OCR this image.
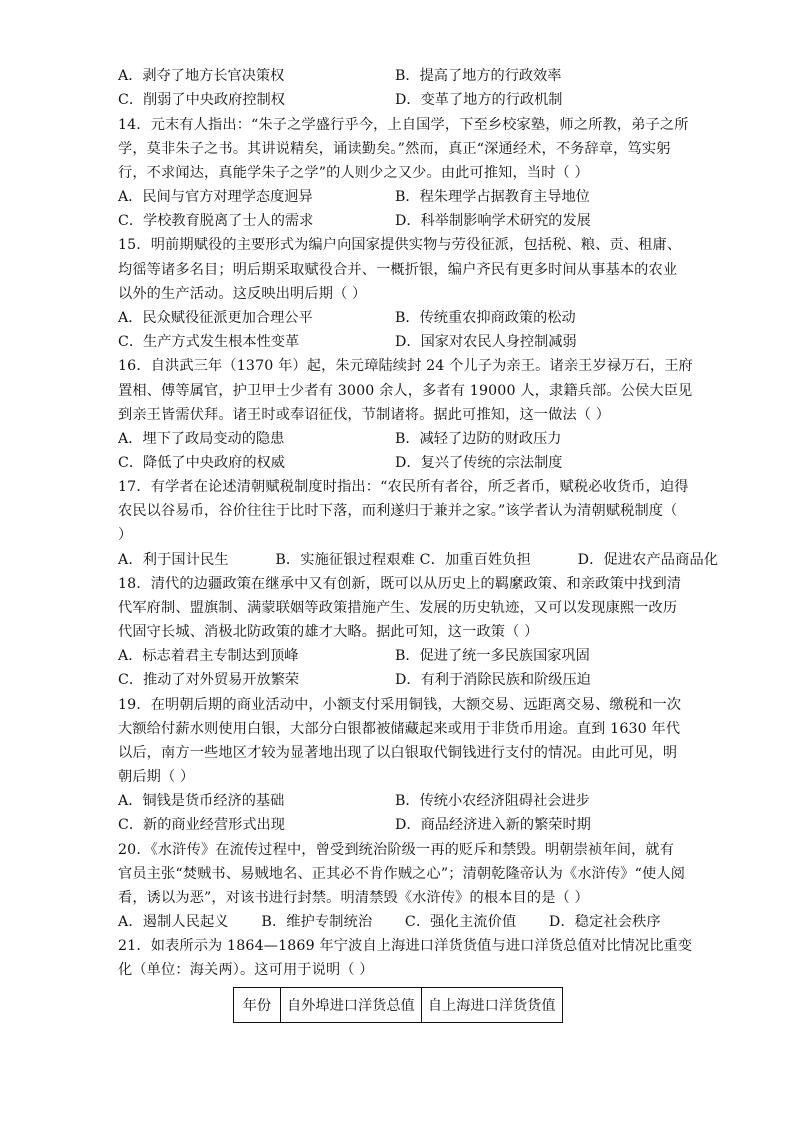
A．剥夺了地方长官决策权	B．提高了地方的行政效率
C．削弱了中央政府控制权	D．变革了地方的行政机制
14．元末有人指出：“朱子之学盛行乎今，上自国学，下至乡校家塾，师之所教，弟子之所
学，莫非朱子之书。其讲说精矣，诵读勤矣。”然而，真正“深通经术，不务辞章，笃实躬
行，不求闻达，真能学朱子之学”的人则少之又少。由此可推知，当时（ ）
A．民间与官方对理学态度迥异	B．程朱理学占据教育主导地位
C．学校教育脱离了士人的需求	D．科举制影响学术研究的发展
15．明前期赋役的主要形式为编户向国家提供实物与劳役征派，包括税、粮、贡、租庸、
均徭等诸多名目；明后期采取赋役合并、一概折银，编户齐民有更多时间从事基本的农业
以外的生产活动。这反映出明后期（ ）
A．民众赋役征派更加合理公平	B．传统重农抑商政策的松动
C．生产方式发生根本性变革	D．国家对农民人身控制减弱
16．自洪武三年（1370 年）起，朱元璋陆续封 24 个儿子为亲王。诸亲王岁禄万石，王府
置相、傅等属官，护卫甲士少者有 3000 余人，多者有 19000 人，隶籍兵部。公侯大臣见
到亲王皆需伏拜。诸王时或奉诏征伐，节制诸将。据此可推知，这一做法（ ）
A．埋下了政局变动的隐患	B．减轻了边防的财政压力
C．降低了中央政府的权威	D．复兴了传统的宗法制度
17．有学者在论述清朝赋税制度时指出：“农民所有者谷，所乏者币，赋税必收货币，迫得
农民以谷易币，谷价往往于比时下落，而利遂归于兼并之家。”该学者认为清朝赋税制度（
）
A．利于国计民生          B．实施征银过程艰难 C．加重百姓负担          D．促进农产品商品化
18．清代的边疆政策在继承中又有创新，既可以从历史上的羁縻政策、和亲政策中找到清
代军府制、盟旗制、满蒙联姻等政策措施产生、发展的历史轨迹，又可以发现康熙一改历
代固守长城、消极北防政策的雄才大略。据此可知，这一政策（ ）
A．标志着君主专制达到顶峰	B．促进了统一多民族国家巩固
C．推动了对外贸易开放繁荣	D．有利于消除民族和阶级压迫
19．在明朝后期的商业活动中，小额支付采用铜钱，大额交易、远距离交易、缴税和一次
大额给付薪水则使用白银，大部分白银都被储藏起来或用于非货币用途。直到 1630 年代
以后，南方一些地区才较为显著地出现了以白银取代铜钱进行支付的情况。由此可见，明
朝后期（ ）
A．铜钱是货币经济的基础	B．传统小农经济阻碍社会进步
C．新的商业经营形式出现	D．商品经济进入新的繁荣时期
20．《水浒传》在流传过程中，曾受到统治阶级一再的贬斥和禁毁。明朝崇祯年间，就有
官员主张“焚贼书、易贼地名、正其必不肯作贼之心”；清朝乾隆帝认为《水浒传》“使人阅
看，诱以为恶”，对该书进行封禁。明清禁毁《水浒传》的根本目的是（ ）
A．遏制人民起义       B．维护专制统治       C．强化主流价值       D．稳定社会秩序
21．如表所示为 1864—1869 年宁波自上海进口洋货货值与进口洋货总值对比情况比重变
化（单位：海关两）。这可用于说明（ ）
年份	自外埠进口洋货总值	自上海进口洋货货值
